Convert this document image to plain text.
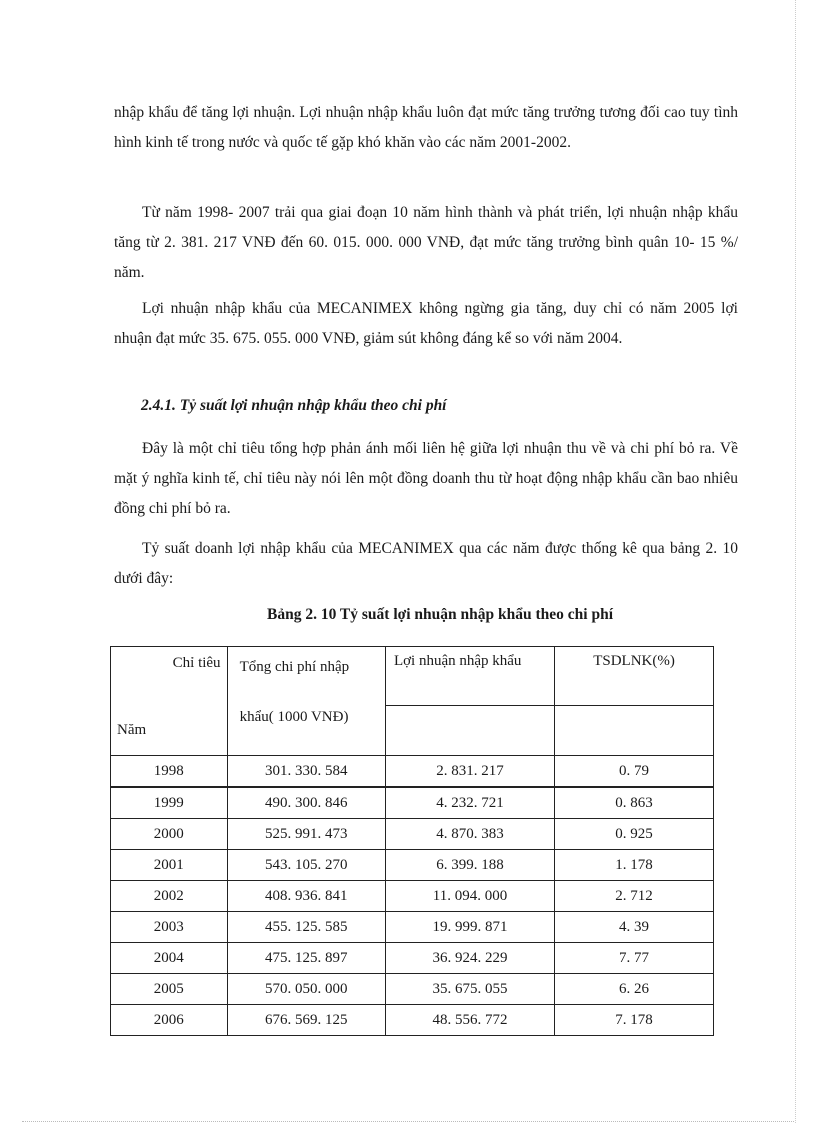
nhập khẩu để tăng lợi nhuận. Lợi nhuận nhập khẩu luôn đạt mức tăng trưởng tương đối cao tuy tình hình kinh tế trong nước và quốc tế gặp khó khăn vào các năm 2001-2002.

Từ năm 1998- 2007 trải qua giai đoạn 10 năm hình thành và phát triển, lợi nhuận nhập khẩu tăng từ 2. 381. 217 VNĐ đến 60. 015. 000. 000 VNĐ, đạt mức tăng trưởng bình quân 10- 15 %/ năm.

Lợi nhuận nhập khẩu của MECANIMEX không ngừng gia tăng, duy chỉ có năm 2005 lợi nhuận đạt mức 35. 675. 055. 000 VNĐ, giảm sút không đáng kể so với năm 2004.

2.4.1. Tỷ suất lợi nhuận nhập khẩu theo chi phí

Đây là một chỉ tiêu tổng hợp phản ánh mối liên hệ giữa lợi nhuận thu về và chi phí bỏ ra. Về mặt ý nghĩa kinh tế, chỉ tiêu này nói lên một đồng doanh thu từ hoạt động nhập khẩu cần bao nhiêu đồng chi phí bỏ ra.

Tỷ suất doanh lợi nhập khẩu của MECANIMEX qua các năm được thống kê qua bảng 2. 10 dưới đây:

Bảng 2. 10 Tỷ suất lợi nhuận nhập khẩu theo chi phí

Chỉ tiêu	Tổng chi phí nhập	Lợi nhuận nhập khẩu	TSDLNK(%)
Năm	khẩu( 1000 VNĐ)		
1998	301. 330. 584	2. 831. 217	0. 79
1999	490. 300. 846	4. 232. 721	0. 863
2000	525. 991. 473	4. 870. 383	0. 925
2001	543. 105. 270	6. 399. 188	1. 178
2002	408. 936. 841	11. 094. 000	2. 712
2003	455. 125. 585	19. 999. 871	4. 39
2004	475. 125. 897	36. 924. 229	7. 77
2005	570. 050. 000	35. 675. 055	6. 26
2006	676. 569. 125	48. 556. 772	7. 178
